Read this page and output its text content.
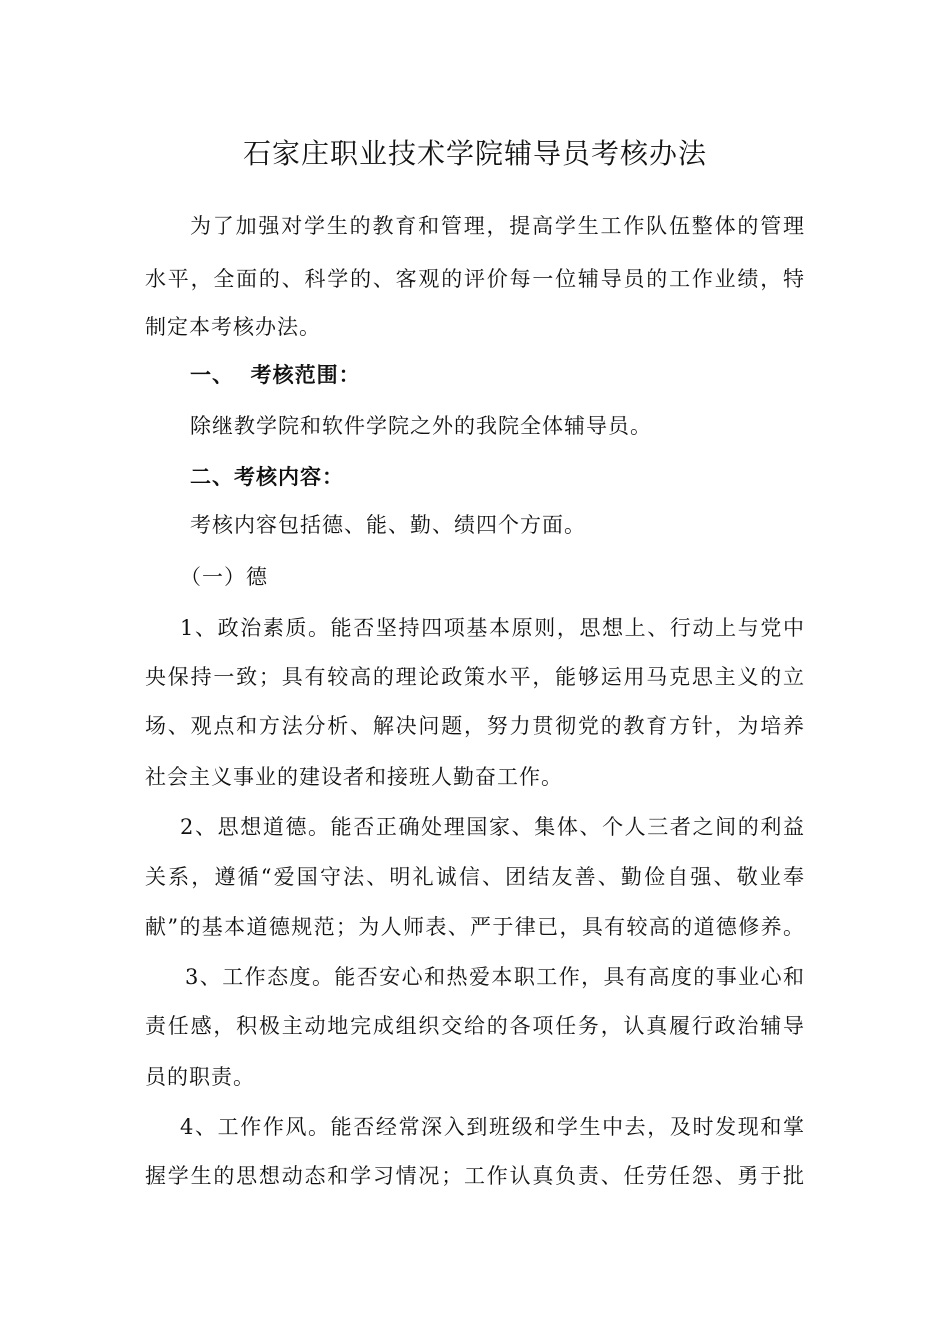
石家庄职业技术学院辅导员考核办法
为了加强对学生的教育和管理，提高学生工作队伍整体的管理
水平，全面的、科学的、客观的评价每一位辅导员的工作业绩，特
制定本考核办法。
一、  考核范围：
除继教学院和软件学院之外的我院全体辅导员。
二、考核内容：
考核内容包括德、能、勤、绩四个方面。
（一）德
1、政治素质。能否坚持四项基本原则，思想上、行动上与党中
央保持一致；具有较高的理论政策水平，能够运用马克思主义的立
场、观点和方法分析、解决问题，努力贯彻党的教育方针，为培养
社会主义事业的建设者和接班人勤奋工作。
2、思想道德。能否正确处理国家、集体、个人三者之间的利益
关系，遵循“爱国守法、明礼诚信、团结友善、勤俭自强、敬业奉
献”的基本道德规范；为人师表、严于律已，具有较高的道德修养。
3、工作态度。能否安心和热爱本职工作，具有高度的事业心和
责任感，积极主动地完成组织交给的各项任务，认真履行政治辅导
员的职责。
4、工作作风。能否经常深入到班级和学生中去，及时发现和掌
握学生的思想动态和学习情况；工作认真负责、任劳任怨、勇于批
